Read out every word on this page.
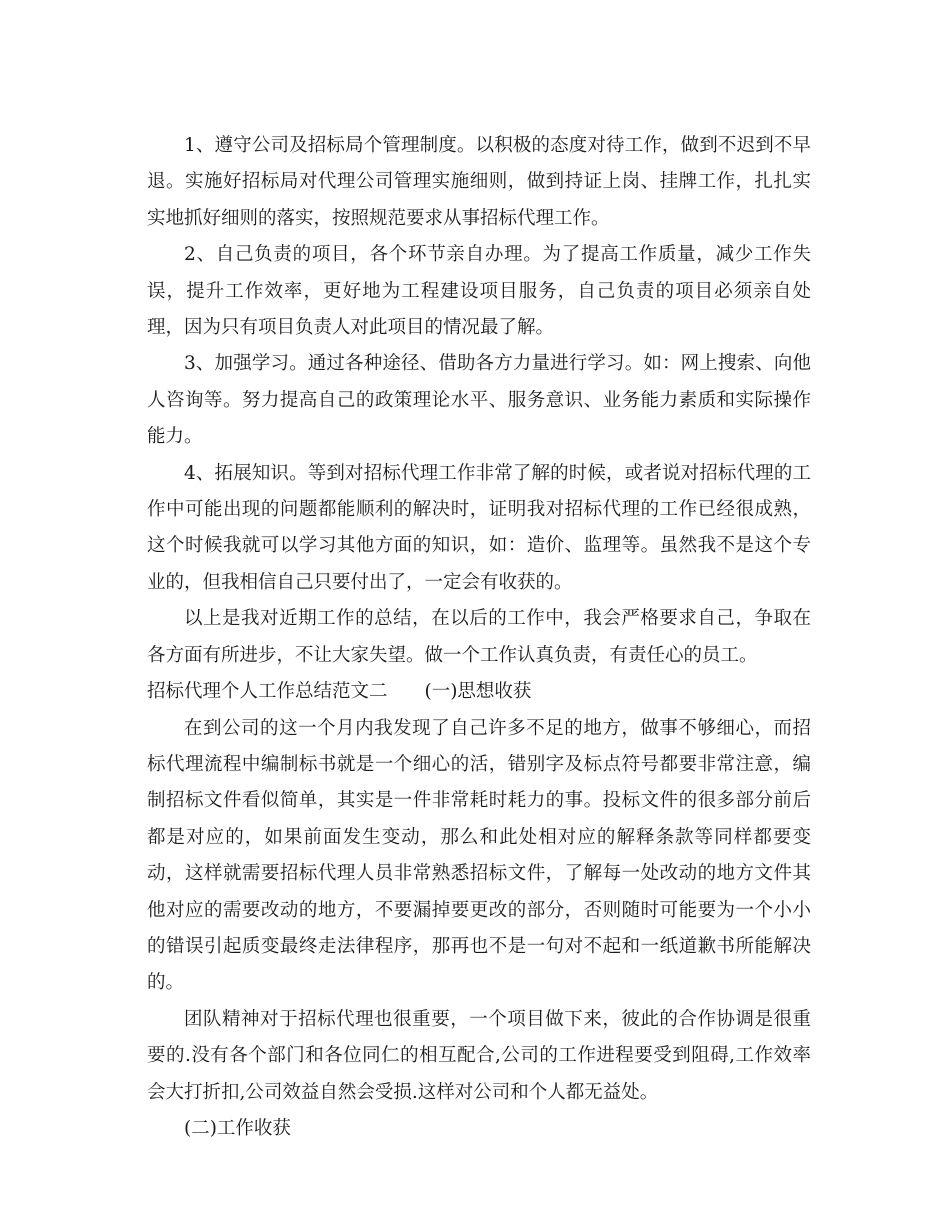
1、遵守公司及招标局个管理制度。以积极的态度对待工作，做到不迟到不早退。实施好招标局对代理公司管理实施细则，做到持证上岗、挂牌工作，扎扎实实地抓好细则的落实，按照规范要求从事招标代理工作。

2、自己负责的项目，各个环节亲自办理。为了提高工作质量，减少工作失误，提升工作效率，更好地为工程建设项目服务，自己负责的项目必须亲自处理，因为只有项目负责人对此项目的情况最了解。

3、加强学习。通过各种途径、借助各方力量进行学习。如：网上搜索、向他人咨询等。努力提高自己的政策理论水平、服务意识、业务能力素质和实际操作能力。

4、拓展知识。等到对招标代理工作非常了解的时候，或者说对招标代理的工作中可能出现的问题都能顺利的解决时，证明我对招标代理的工作已经很成熟，这个时候我就可以学习其他方面的知识，如：造价、监理等。虽然我不是这个专业的，但我相信自己只要付出了，一定会有收获的。

以上是我对近期工作的总结，在以后的工作中，我会严格要求自己，争取在各方面有所进步，不让大家失望。做一个工作认真负责，有责任心的员工。

招标代理个人工作总结范文二　　(一)思想收获

在到公司的这一个月内我发现了自己许多不足的地方，做事不够细心，而招标代理流程中编制标书就是一个细心的活，错别字及标点符号都要非常注意，编制招标文件看似简单，其实是一件非常耗时耗力的事。投标文件的很多部分前后都是对应的，如果前面发生变动，那么和此处相对应的解释条款等同样都要变动，这样就需要招标代理人员非常熟悉招标文件，了解每一处改动的地方文件其他对应的需要改动的地方，不要漏掉要更改的部分，否则随时可能要为一个小小的错误引起质变最终走法律程序，那再也不是一句对不起和一纸道歉书所能解决的。

团队精神对于招标代理也很重要，一个项目做下来，彼此的合作协调是很重要的.没有各个部门和各位同仁的相互配合,公司的工作进程要受到阻碍,工作效率会大打折扣,公司效益自然会受损.这样对公司和个人都无益处。

(二)工作收获
